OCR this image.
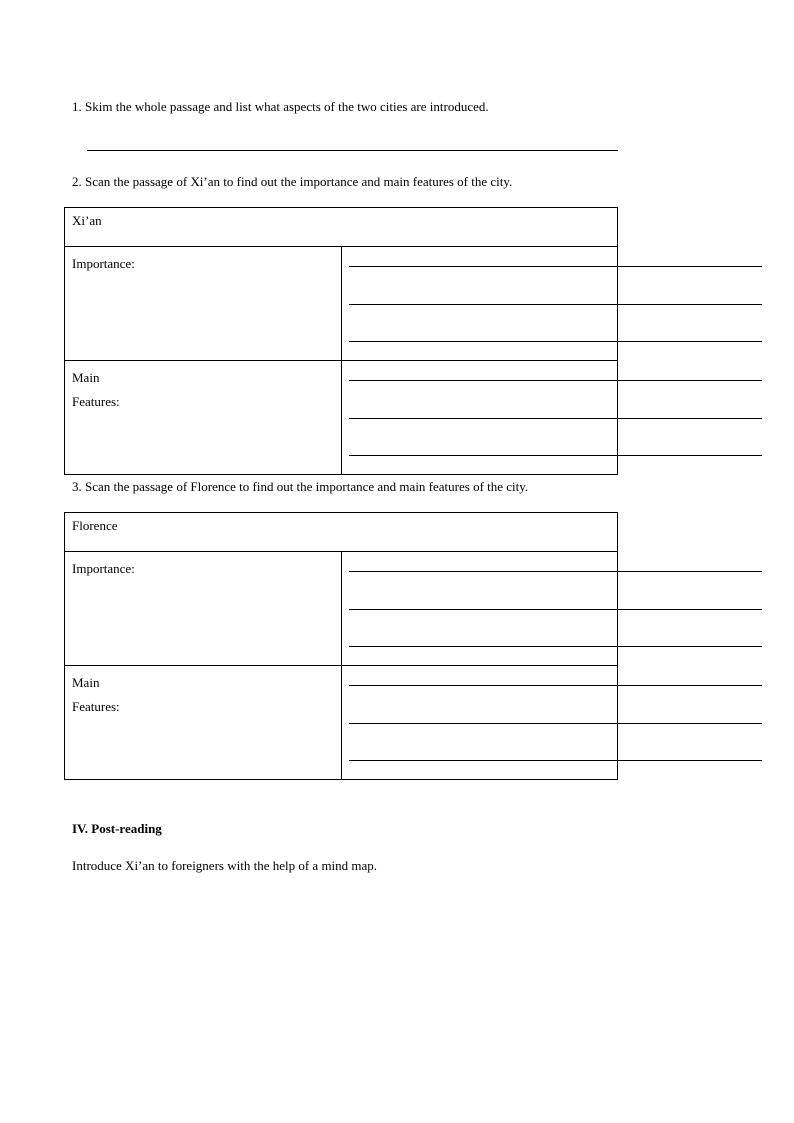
1. Skim the whole passage and list what aspects of the two cities are introduced.
2. Scan the passage of Xi’an to find out the importance and main features of the city.
Xi’an	

Importance:	

Main
Features:	

3. Scan the passage of Florence to find out the importance and main features of the city.
Florence	

Importance:	

Main
Features:	

IV. Post-reading
Introduce Xi’an to foreigners with the help of a mind map.
